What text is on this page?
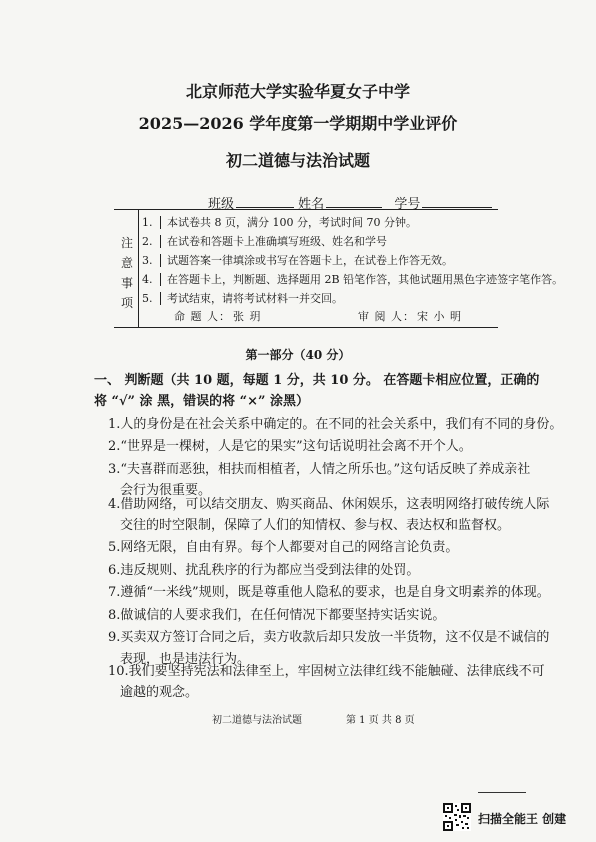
北京师范大学实验华夏女子中学
2025—2026 学年度第一学期期中学业评价
初二道德与法治试题
班级	姓名	学号
注
意
事
项
1. 本试卷共 8 页，满分 100 分，考试时间 70 分钟。
2. 在试卷和答题卡上准确填写班级、姓名和学号
3. 试题答案一律填涂或书写在答题卡上，在试卷上作答无效。
4. 在答题卡上，判断题、选择题用 2B 铅笔作答，其他试题用黑色字迹签字笔作答。
5. 考试结束，请将考试材料一并交回。
命 题 人： 张 玥	审 阅 人： 宋 小 明
第一部分（40 分）
一、 判断题（共 10 题，每题 1 分，共 10 分。 在答题卡相应位置，正确的
将 “√” 涂 黑，错误的将 “×” 涂黑）
1.人的身份是在社会关系中确定的。在不同的社会关系中，我们有不同的身份。
2.“世界是一棵树，人是它的果实”这句话说明社会离不开个人。
3.“夫喜群而恶独，相扶而相植者，人情之所乐也。”这句话反映了养成亲社
会行为很重要。
4.借助网络，可以结交朋友、购买商品、休闲娱乐，这表明网络打破传统人际
交往的时空限制，保障了人们的知情权、参与权、表达权和监督权。
5.网络无限，自由有界。每个人都要对自己的网络言论负责。
6.违反规则、扰乱秩序的行为都应当受到法律的处罚。
7.遵循“一米线”规则，既是尊重他人隐私的要求，也是自身文明素养的体现。
8.做诚信的人要求我们，在任何情况下都要坚持实话实说。
9.买卖双方签订合同之后，卖方收款后却只发放一半货物，这不仅是不诚信的
表现，也是违法行为。
10.我们要坚持宪法和法律至上，牢固树立法律红线不能触碰、法律底线不可
逾越的观念。
初二道德与法治试题	第 1 页 共 8 页
扫描全能王 创建
